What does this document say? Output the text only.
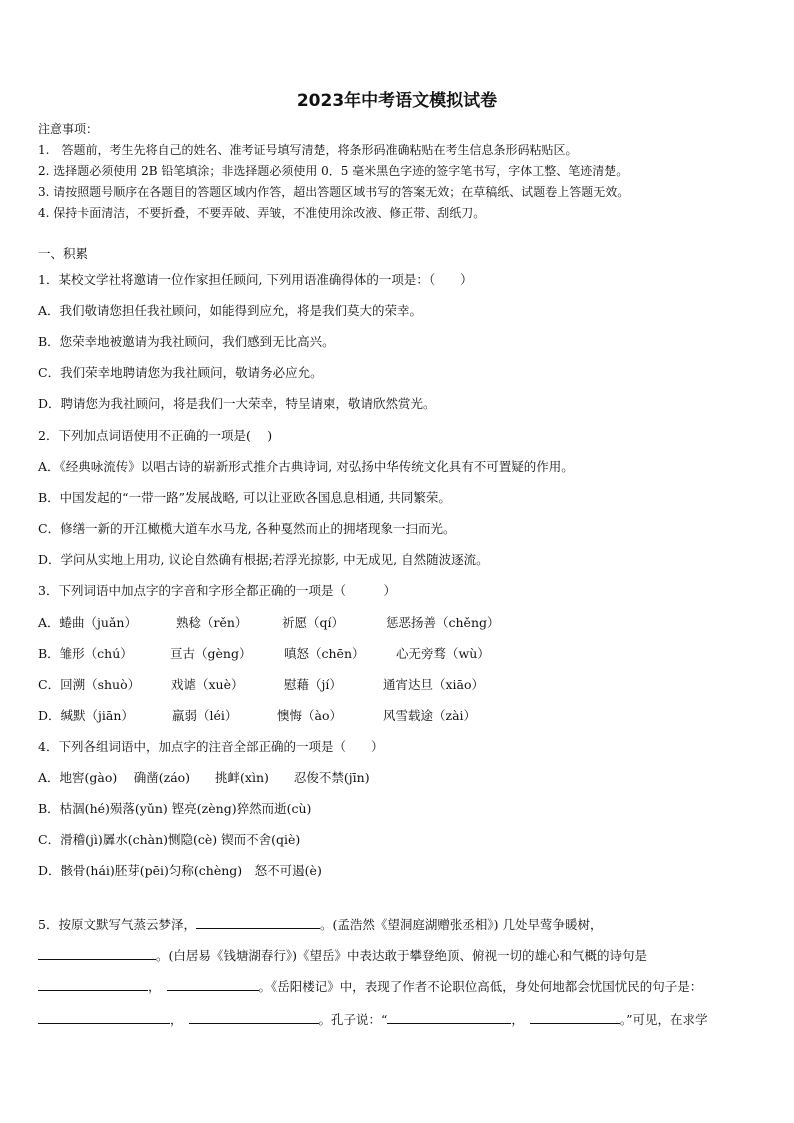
2023年中考语文模拟试卷
注意事项：
1.　答题前，考生先将自己的姓名、准考证号填写清楚，将条形码准确粘贴在考生信息条形码粘贴区。
2. 选择题必须使用 2B 铅笔填涂；非选择题必须使用 0．5 毫米黑色字迹的签字笔书写，字体工整、笔迹清楚。
3. 请按照题号顺序在各题目的答题区域内作答，超出答题区域书写的答案无效；在草稿纸、试题卷上答题无效。
4. 保持卡面清洁，不要折叠，不要弄破、弄皱，不准使用涂改液、修正带、刮纸刀。
一、积累
1．某校文学社将邀请一位作家担任顾问, 下列用语准确得体的一项是：（　　）
A．我们敬请您担任我社顾问，如能得到应允，将是我们莫大的荣幸。
B．您荣幸地被邀请为我社顾问，我们感到无比高兴。
C．我们荣幸地聘请您为我社顾问，敬请务必应允。
D．聘请您为我社顾问，将是我们一大荣幸，特呈请柬，敬请欣然赏光。
2．下列加点词语使用不正确的一项是(　 )
A．《经典咏流传》以唱古诗的崭新形式推介古典诗词, 对弘扬中华传统文化具有不可置疑的作用。
B．中国发起的“一带一路”发展战略, 可以让亚欧各国息息相通, 共同繁荣。
C．修缮一新的开江橄榄大道车水马龙, 各种戛然而止的拥堵现象一扫而光。
D．学问从实地上用功, 议论自然确有根据;若浮光掠影, 中无成见, 自然随波逐流。
3．下列词语中加点字的字音和字形全都正确的一项是（　　　）
A．蜷曲（juǎn）	熟稔（rěn）	祈愿（qí）	惩恶扬善（chěng）
B．雏形（chú）	亘古（gèng）	嗔怒（chēn）	心无旁骛（wù）
C．回溯（shuò） 戏谑（xuè）	慰藉（jí）	通宵达旦（xiāo）
D．缄默（jiān）	羸弱（léi）	懊悔（ào）	风雪载途（zài）
4．下列各组词语中，加点字的注音全部正确的一项是（　　）
A．地窖(gào)　 确凿(záo)　　挑衅(xìn)　　忍俊不禁(jīn)
B．枯涸(hé)殒落(yǔn) 铿亮(zèng)猝然而逝(cù)
C．滑稽(jì)羼水(chàn)恻隐(cè) 锲而不舍(qiè)
D．骸骨(hái)胚芽(pēi)匀称(chèng)　怒不可遏(è)
5．按原文默写气蒸云梦泽，	。(孟浩然《望洞庭湖赠张丞相》) 几处早莺争暖树，
。(白居易《钱塘湖春行》)《望岳》中表达敢于攀登绝顶、俯视一切的雄心和气概的诗句是
，	。《岳阳楼记》中，表现了作者不论职位高低，身处何地都会忧国忧民的句子是：
，	。孔子说：“	，	。”可见，在求学
